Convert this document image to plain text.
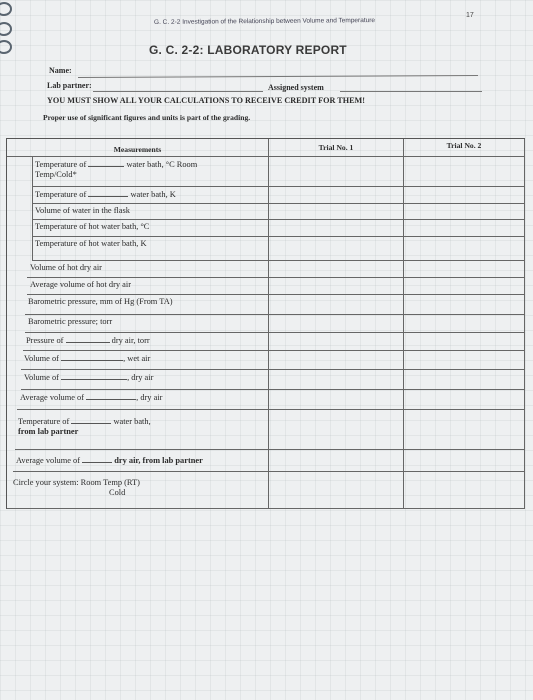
G. C. 2-2 Investigation of the Relationship between Volume and Temperature
17
G. C. 2-2: LABORATORY REPORT
Name:
Lab partner:	Assigned system
YOU MUST SHOW ALL YOUR CALCULATIONS TO RECEIVE CREDIT FOR THEM!
Proper use of significant figures and units is part of the grading.
Measurements	Trial No. 1	Trial No. 2
Temperature of	water bath, °C Room
Temp/Cold*
Temperature of	water bath, K
Volume of water in the flask
Temperature of hot water bath, °C
Temperature of hot water bath, K
Volume of hot dry air
Average volume of hot dry air
Barometric pressure, mm of Hg (From TA)
Barometric pressure; torr
Pressure of	dry air, torr
Volume of	, wet air
Volume of	, dry air
Average volume of	, dry air
Temperature of	water bath,
from lab partner
Average volume of	dry air, from lab partner
Circle your system: Room Temp (RT)
Cold
